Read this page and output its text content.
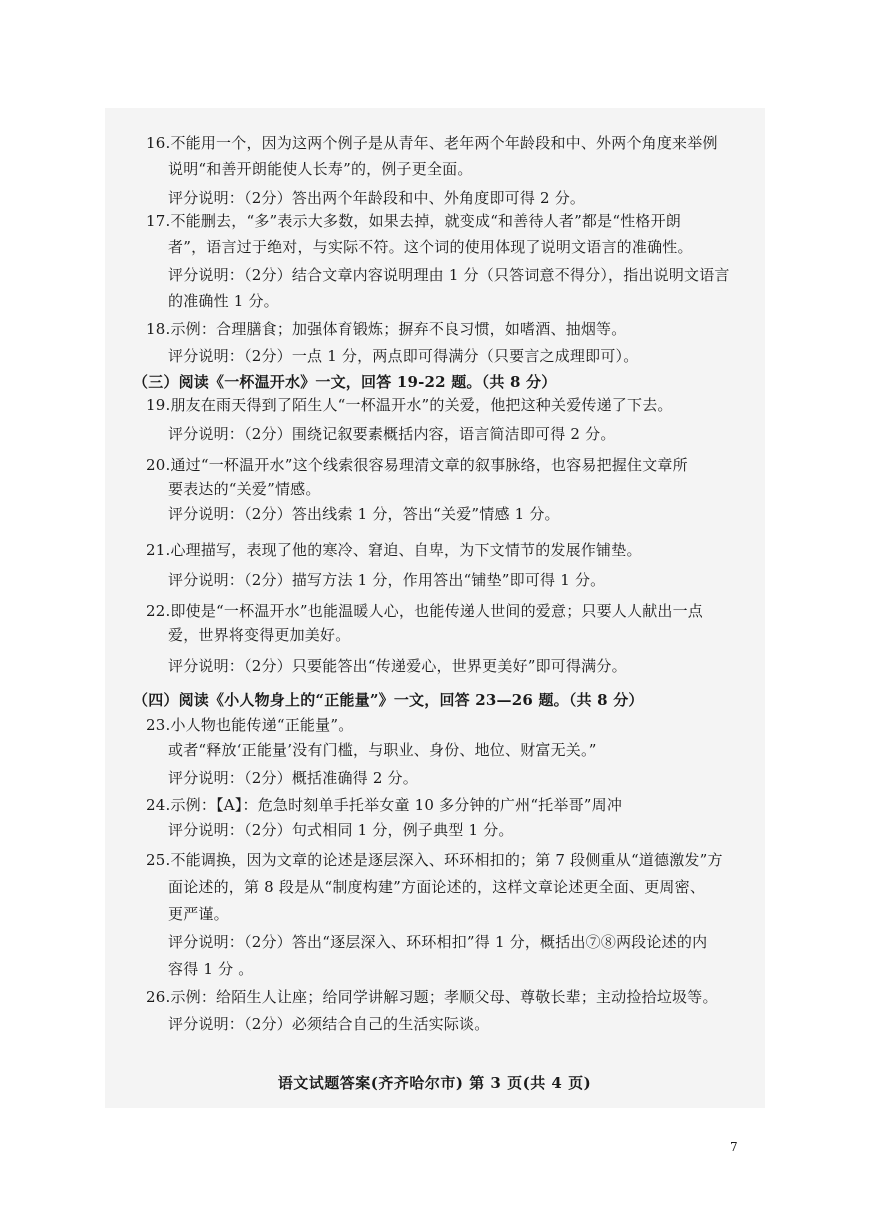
16.不能用一个，因为这两个例子是从青年、老年两个年龄段和中、外两个角度来举例
说明“和善开朗能使人长寿”的，例子更全面。
评分说明：（2分）答出两个年龄段和中、外角度即可得 2 分。
17.不能删去，“多”表示大多数，如果去掉，就变成“和善待人者”都是“性格开朗
者”，语言过于绝对，与实际不符。这个词的使用体现了说明文语言的准确性。
评分说明：（2分）结合文章内容说明理由 1 分（只答词意不得分），指出说明文语言
的准确性 1 分。
18.示例：合理膳食；加强体育锻炼；摒弃不良习惯，如嗜酒、抽烟等。
评分说明：（2分）一点 1 分，两点即可得满分（只要言之成理即可）。
（三）阅读《一杯温开水》一文，回答 19-22 题。（共 8 分）
19.朋友在雨天得到了陌生人“一杯温开水”的关爱，他把这种关爱传递了下去。
评分说明：（2分）围绕记叙要素概括内容，语言简洁即可得 2 分。
20.通过“一杯温开水”这个线索很容易理清文章的叙事脉络，也容易把握住文章所
要表达的“关爱”情感。
评分说明：（2分）答出线索 1 分，答出“关爱”情感 1 分。
21.心理描写，表现了他的寒冷、窘迫、自卑，为下文情节的发展作铺垫。
评分说明：（2分）描写方法 1 分，作用答出“铺垫”即可得 1 分。
22.即使是“一杯温开水”也能温暖人心，也能传递人世间的爱意；只要人人献出一点
爱，世界将变得更加美好。
评分说明：（2分）只要能答出“传递爱心，世界更美好”即可得满分。
（四）阅读《小人物身上的“正能量”》一文，回答 23—26 题。（共 8 分）
23.小人物也能传递“正能量”。
或者“释放‘正能量’没有门槛，与职业、身份、地位、财富无关。”
评分说明：（2分）概括准确得 2 分。
24.示例：【A】：危急时刻单手托举女童 10 多分钟的广州“托举哥”周冲
评分说明：（2分）句式相同 1 分，例子典型 1 分。
25.不能调换，因为文章的论述是逐层深入、环环相扣的；第 7 段侧重从“道德激发”方
面论述的，第 8 段是从“制度构建”方面论述的，这样文章论述更全面、更周密、
更严谨。
评分说明：（2分）答出“逐层深入、环环相扣”得 1 分，概括出⑦⑧两段论述的内
容得 1 分 。
26.示例：给陌生人让座；给同学讲解习题；孝顺父母、尊敬长辈；主动捡拾垃圾等。
评分说明：（2分）必须结合自己的生活实际谈。
语文试题答案(齐齐哈尔市) 第 3 页(共 4 页)
7
